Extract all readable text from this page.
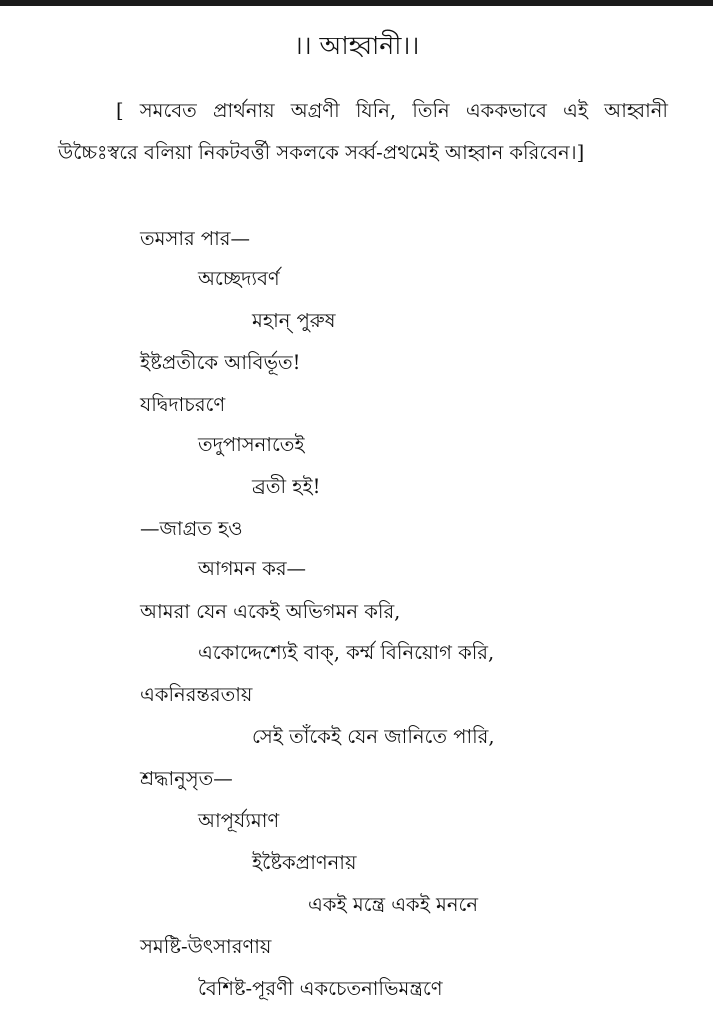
।। আহ্বানী।।
[ সমবেত প্রার্থনায় অগ্রণী যিনি, তিনি এককভাবে এই আহ্বানী উচ্চৈঃস্বরে বলিয়া নিকটবর্ত্তী সকলকে সর্ব্ব-প্রথমেই আহ্বান করিবেন।]
তমসার পার—
অচ্ছেদ্যবর্ণ
মহান্ পুরুষ
ইষ্টপ্রতীকে আবির্ভূত!
যদ্বিদাচরণে
তদুপাসনাতেই
ব্রতী হই!
—জাগ্রত হও
আগমন কর—
আমরা যেন একেই অভিগমন করি,
একোদ্দেশ্যেই বাক্, কর্ম্ম বিনিয়োগ করি,
একনিরন্তরতায়
সেই তাঁকেই যেন জানিতে পারি,
শ্রদ্ধানুসৃত—
আপূর্য্যমাণ
ইষ্টৈকপ্রাণনায়
একই মন্ত্রে একই মননে
সমষ্টি-উৎসারণায়
বৈশিষ্ট-পূরণী একচেতনাভিমন্ত্রণে
